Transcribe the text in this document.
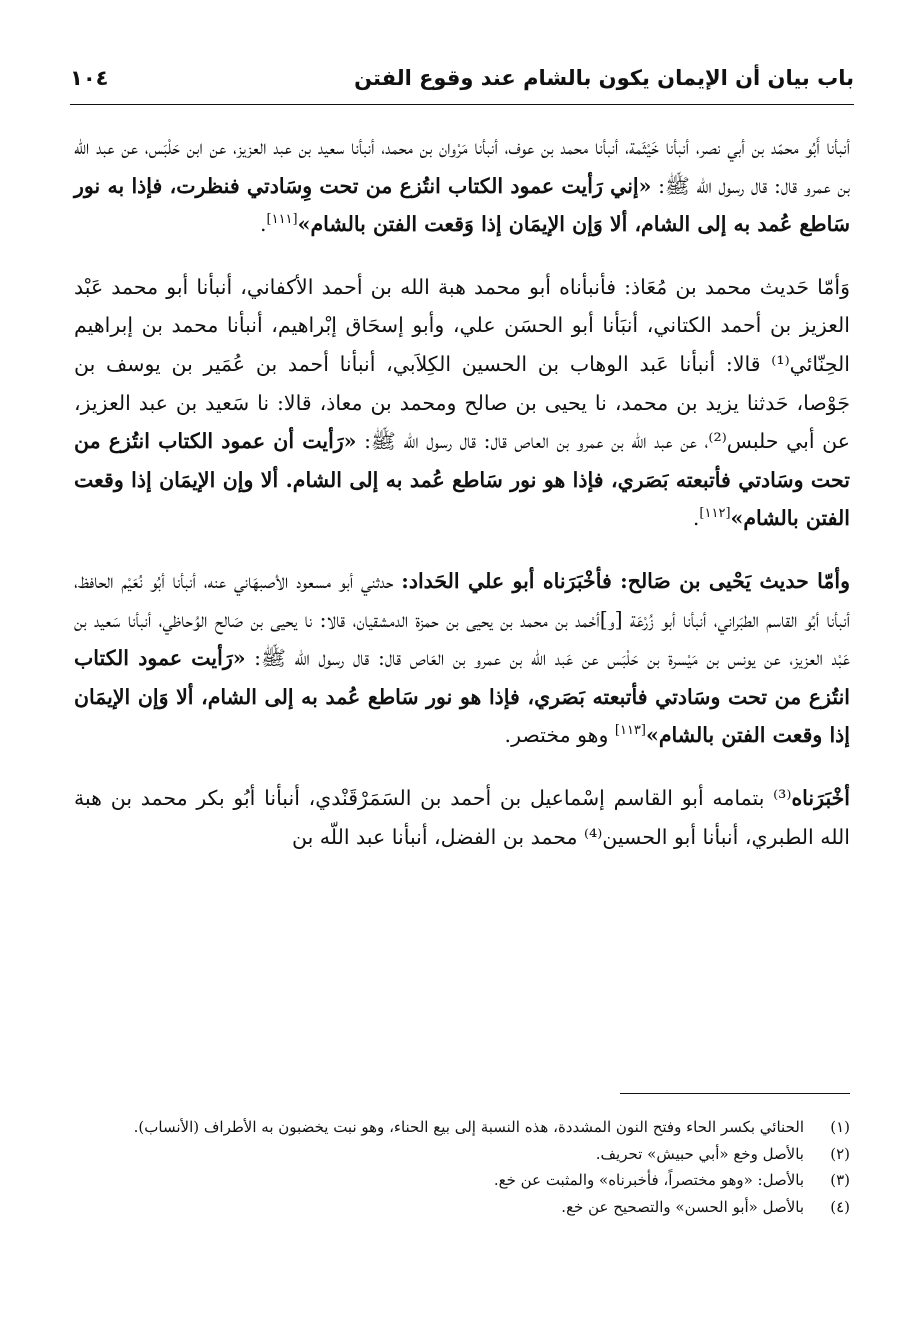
باب بيان أن الإيمان يكون بالشام عند وقوع الفتن
١٠٤

أنبأنا أَبُو محمّد بن أبي نصر، أنبأنا خَيْثَمة، أنبأنا محمد بن عوف، أنبأنا مَرْوان بن محمد، أنبأنا سعيد بن عبد العزيز، عن ابن حَلْبَس، عن عبد اللّه بن عمرو قال: قال رسول الله ﷺ: «إني رَأيت عمود الكتاب انتُزع من تحت وِسَادتي فنظرت، فإذا به نور سَاطع عُمد به إلى الشام، ألا وَإن الإيمَان إذا وَقعت الفتن بالشام»[١١١].

وَأمّا حَديث محمد بن مُعَاذ: فأنبأناه أبو محمد هبة الله بن أحمد الأكفاني، أنبأنا أبو محمد عَبْد العزيز بن أحمد الكتاني، أنبَأنا أبو الحسَن علي، وأبو إسحَاق إبْراهيم، أنبأنا محمد بن إبراهيم الحِنّائي⁽¹⁾ قالا: أنبأنا عَبد الوهاب بن الحسين الكِلاَبي، أنبأنا أحمد بن عُمَير بن يوسف بن جَوْصا، حَدثنا يزيد بن محمد، نا يحيى بن صالح ومحمد بن معاذ، قالا: نا سَعيد بن عبد العزيز، عن أبي حلبس⁽²⁾، عن عبد اللّه بن عمرو بن العاص قال: قال رسول الله ﷺ: «رَأيت أن عمود الكتاب انتُزع من تحت وسَادتي فأتبعته بَصَري، فإذا هو نور سَاطع عُمد به إلى الشام. ألا وإن الإيمَان إذا وقعت الفتن بالشام»[١١٢].

وأمّا حديث يَحْيى بن صَالح: فأخْبَرَناه أبو علي الحَداد: حدثني أبو مسعود الأصبهَاني عنه، أنبأنا أبُو نُعَيْم الحافظ، أنبأنا أبُو القاسم الطبَراني، أنبأنا أبو زُرْعَة [و]أحْمد بن محمد بن يحيى بن حمزة الدمشقيان، قالا: نا يحيى بن صَالح الوُحاظي، أنبأنا سَعيد بن عَبْد العزيز، عن يونس بن مَيْسرة بن حَلْبَس عن عَبد الله بن عمرو بن العَاص قال: قال رسول الله ﷺ: «رَأيت عمود الكتاب انتُزع من تحت وسَادتي فأتبعته بَصَري، فإذا هو نور سَاطع عُمد به إلى الشام، ألا وَإن الإيمَان إذا وقعت الفتن بالشام»[١١٣] وهو مختصر.

أخْبَرَناه⁽³⁾ بتمامه أبو القاسم إسْماعيل بن أحمد بن السَمَرْقَنْدي، أنبأنا أبُو بكر محمد بن هبة الله الطبري، أنبأنا أبو الحسين⁽⁴⁾ محمد بن الفضل، أنبأنا عبد اللّه بن

(١)
الحنائي بكسر الحاء وفتح النون المشددة، هذه النسبة إلى بيع الحناء، وهو نبت يخضبون به الأطراف (الأنساب).
(٢)
بالأصل وخع «أبي حبيش» تحريف.
(٣)
بالأصل: «وهو مختصراً، فأخبرناه» والمثبت عن خع.
(٤)
بالأصل «أبو الحسن» والتصحيح عن خع.
